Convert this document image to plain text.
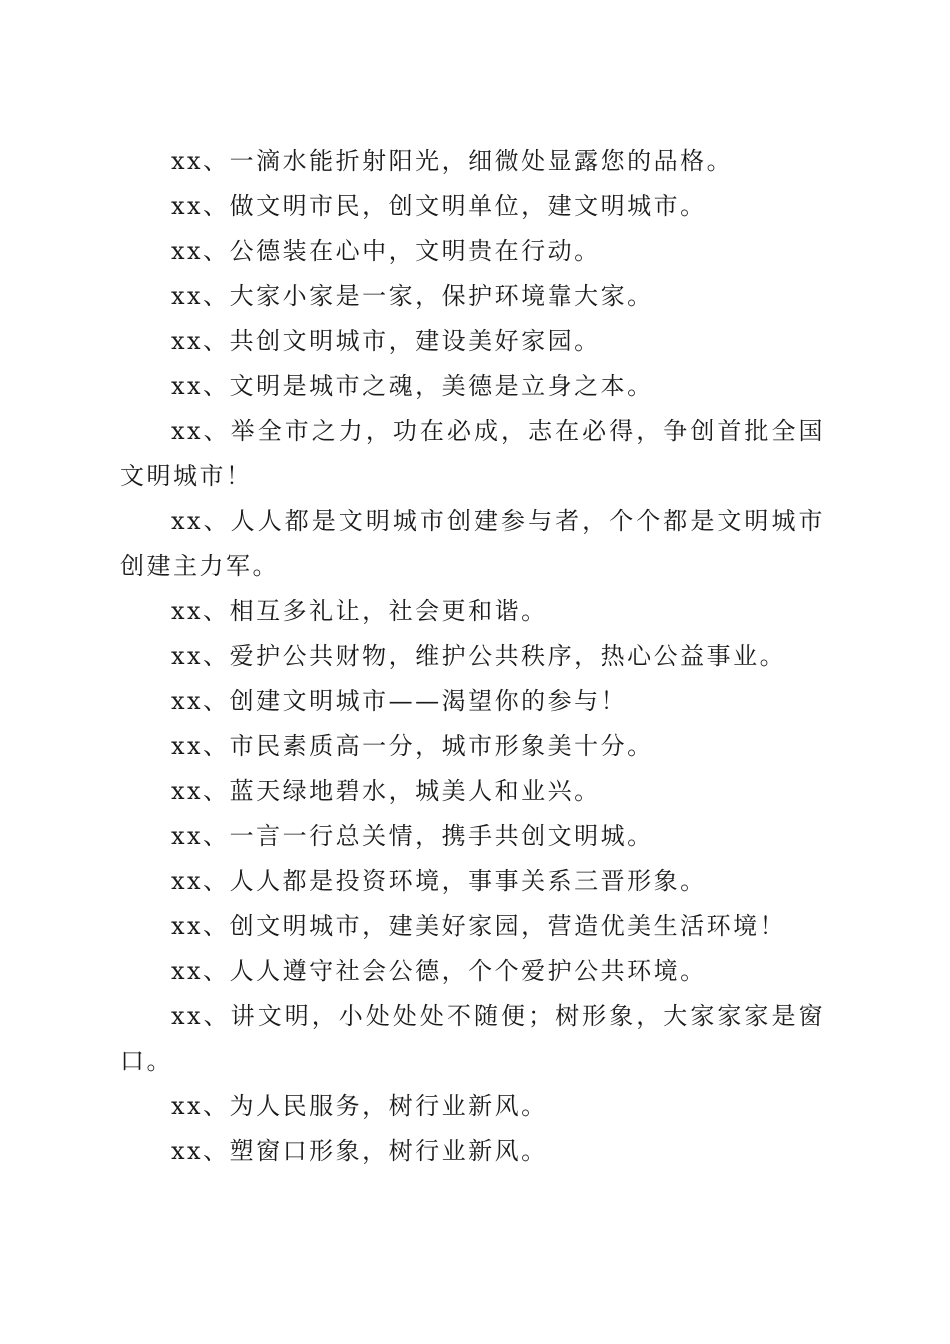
xx、一滴水能折射阳光，细微处显露您的品格。

xx、做文明市民，创文明单位，建文明城市。

xx、公德装在心中，文明贵在行动。

xx、大家小家是一家，保护环境靠大家。

xx、共创文明城市，建设美好家园。

xx、文明是城市之魂，美德是立身之本。

xx、举全市之力，功在必成，志在必得，争创首批全国文明城市！

xx、人人都是文明城市创建参与者，个个都是文明城市创建主力军。

xx、相互多礼让，社会更和谐。

xx、爱护公共财物，维护公共秩序，热心公益事业。

xx、创建文明城市——渴望你的参与！

xx、市民素质高一分，城市形象美十分。

xx、蓝天绿地碧水，城美人和业兴。

xx、一言一行总关情，携手共创文明城。

xx、人人都是投资环境，事事关系三晋形象。

xx、创文明城市，建美好家园，营造优美生活环境！

xx、人人遵守社会公德，个个爱护公共环境。

xx、讲文明，小处处处不随便；树形象，大家家家是窗口。

xx、为人民服务，树行业新风。

xx、塑窗口形象，树行业新风。
